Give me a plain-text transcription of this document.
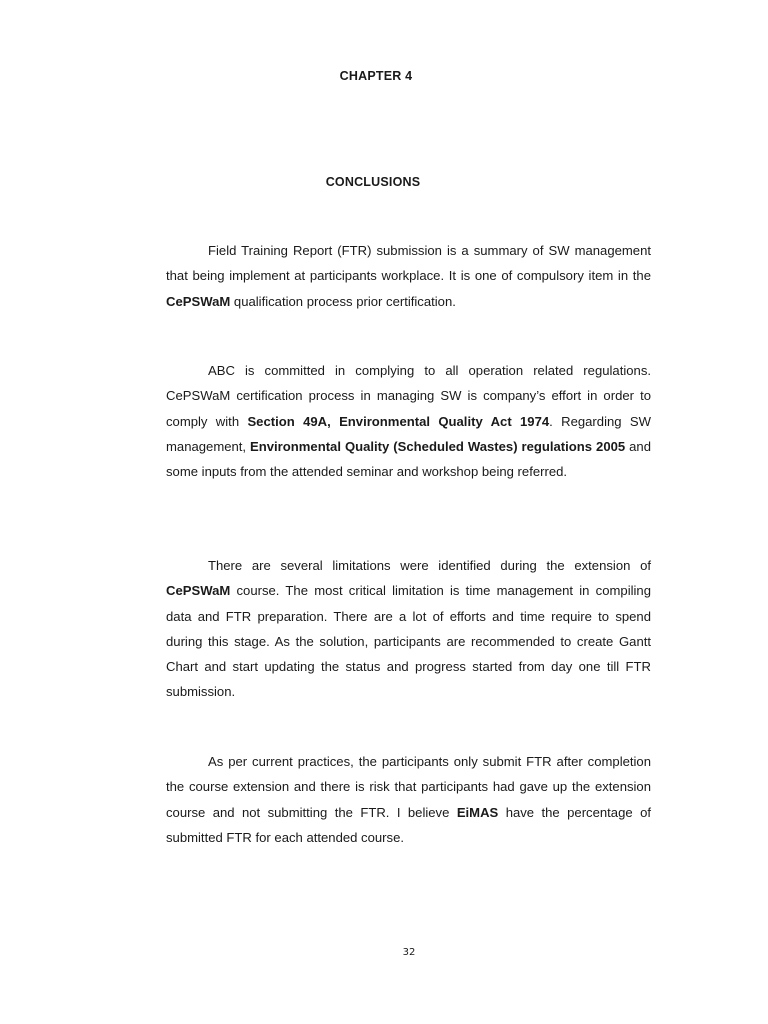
CHAPTER 4
CONCLUSIONS

Field Training Report (FTR) submission is a summary of SW management that being implement at participants workplace. It is one of compulsory item in the CePSWaM qualification process prior certification.

ABC is committed in complying to all operation related regulations. CePSWaM certification process in managing SW is company’s effort in order to comply with Section 49A, Environmental Quality Act 1974. Regarding SW management, Environmental Quality (Scheduled Wastes) regulations 2005 and some inputs from the attended seminar and workshop being referred.

There are several limitations were identified during the extension of CePSWaM course. The most critical limitation is time management in compiling data and FTR preparation. There are a lot of efforts and time require to spend during this stage. As the solution, participants are recommended to create Gantt Chart and start updating the status and progress started from day one till FTR submission.

As per current practices, the participants only submit FTR after completion the course extension and there is risk that participants had gave up the extension course and not submitting the FTR. I believe EiMAS have the percentage of submitted FTR for each attended course.

32
